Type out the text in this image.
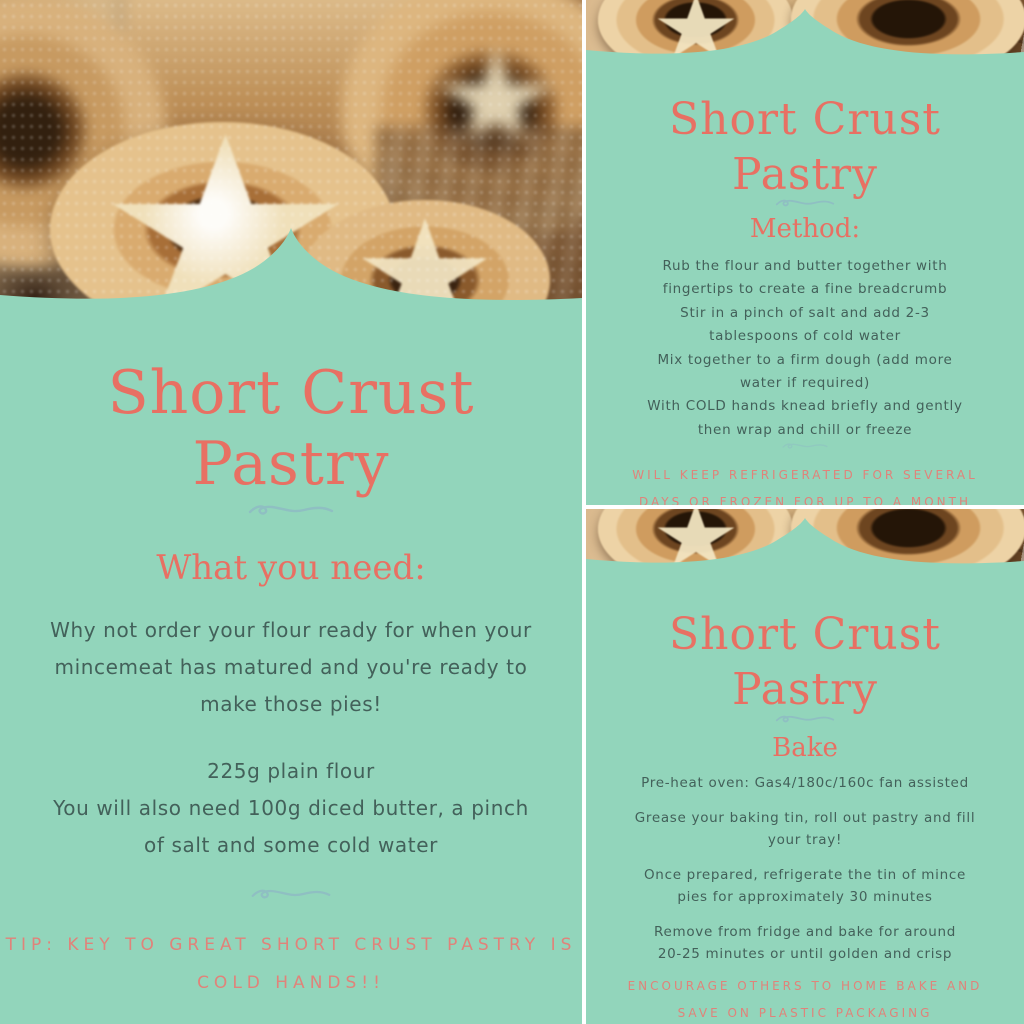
Short Crust
Pastry
What you need:
Why not order your flour ready for when your
mincemeat has matured and you're ready to
make those pies!
225g plain flour
You will also need 100g diced butter, a pinch
of salt and some cold water
TIP: KEY TO GREAT SHORT CRUST PASTRY IS
COLD HANDS!!
Short Crust
Pastry
Method:
Rub the flour and butter together with
fingertips to create a fine breadcrumb
Stir in a pinch of salt and add 2-3
tablespoons of cold water
Mix together to a firm dough (add more
water if required)
With COLD hands knead briefly and gently
then wrap and chill or freeze
WILL KEEP REFRIGERATED FOR SEVERAL
DAYS OR FROZEN FOR UP TO A MONTH
Short Crust
Pastry
Bake
Pre-heat oven: Gas4/180c/160c fan assisted
Grease your baking tin, roll out pastry and fill
your tray!
Once prepared, refrigerate the tin of mince
pies for approximately 30 minutes
Remove from fridge and bake for around
20-25 minutes or until golden and crisp
ENCOURAGE OTHERS TO HOME BAKE AND
SAVE ON PLASTIC PACKAGING
